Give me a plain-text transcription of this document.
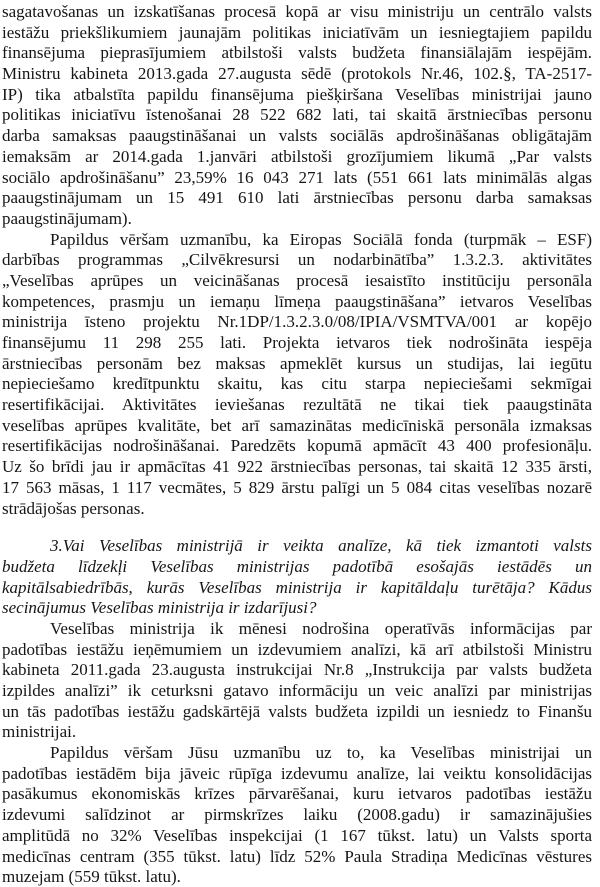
sagatavošanas un izskatīšanas procesā kopā ar visu ministriju un centrālo valsts
iestāžu priekšlikumiem jaunajām politikas iniciatīvām un iesniegtajiem papildu
finansējuma pieprasījumiem atbilstoši valsts budžeta finansiālajām iespējām.
Ministru kabineta 2013.gada 27.augusta sēdē (protokols Nr.46, 102.§, TA-2517-
IP) tika atbalstīta papildu finansējuma piešķiršana Veselības ministrijai jauno
politikas iniciatīvu īstenošanai 28 522 682 lati, tai skaitā ārstniecības personu
darba samaksas paaugstināšanai un valsts sociālās apdrošināšanas obligātajām
iemaksām ar 2014.gada 1.janvāri atbilstoši grozījumiem likumā „Par valsts
sociālo apdrošināšanu” 23,59% 16 043 271 lats (551 661 lats minimālās algas
paaugstinājumam un 15 491 610 lati ārstniecības personu darba samaksas
paaugstinājumam).
Papildus vēršam uzmanību, ka Eiropas Sociālā fonda (turpmāk – ESF)
darbības programmas „Cilvēkresursi un nodarbinātība” 1.3.2.3. aktivitātes
„Veselības aprūpes un veicināšanas procesā iesaistīto institūciju personāla
kompetences, prasmju un iemaņu līmeņa paaugstināšana” ietvaros Veselības
ministrija īsteno projektu Nr.1DP/1.3.2.3.0/08/IPIA/VSMTVA/001 ar kopējo
finansējumu 11 298 255 lati. Projekta ietvaros tiek nodrošināta iespēja
ārstniecības personām bez maksas apmeklēt kursus un studijas, lai iegūtu
nepieciešamo kredītpunktu skaitu, kas citu starpa nepieciešami sekmīgai
resertifikācijai. Aktivitātes ieviešanas rezultātā ne tikai tiek paaugstināta
veselības aprūpes kvalitāte, bet arī samazinātas medicīniskā personāla izmaksas
resertifikācijas nodrošināšanai. Paredzēts kopumā apmācīt 43 400 profesionāļu.
Uz šo brīdi jau ir apmācītas 41 922 ārstniecības personas, tai skaitā 12 335 ārsti,
17 563 māsas, 1 117 vecmātes, 5 829 ārstu palīgi un 5 084 citas veselības nozarē
strādājošas personas.
3.Vai Veselības ministrijā ir veikta analīze, kā tiek izmantoti valsts
budžeta līdzekļi Veselības ministrijas padotībā esošajās iestādēs un
kapitālsabiedrībās, kurās Veselības ministrija ir kapitāldaļu turētāja? Kādus
secinājumus Veselības ministrija ir izdarījusi?
Veselības ministrija ik mēnesi nodrošina operatīvās informācijas par
padotības iestāžu ieņēmumiem un izdevumiem analīzi, kā arī atbilstoši Ministru
kabineta 2011.gada 23.augusta instrukcijai Nr.8 „Instrukcija par valsts budžeta
izpildes analīzi” ik ceturksni gatavo informāciju un veic analīzi par ministrijas
un tās padotības iestāžu gadskārtējā valsts budžeta izpildi un iesniedz to Finanšu
ministrijai.
Papildus vēršam Jūsu uzmanību uz to, ka Veselības ministrijai un
padotības iestādēm bija jāveic rūpīga izdevumu analīze, lai veiktu konsolidācijas
pasākumus ekonomiskās krīzes pārvarēšanai, kuru ietvaros padotības iestāžu
izdevumi salīdzinot ar pirmskrīzes laiku (2008.gadu) ir samazinājušies
amplitūdā no 32% Veselības inspekcijai (1 167 tūkst. latu) un Valsts sporta
medicīnas centram (355 tūkst. latu) līdz 52% Paula Stradiņa Medicīnas vēstures
muzejam (559 tūkst. latu).
